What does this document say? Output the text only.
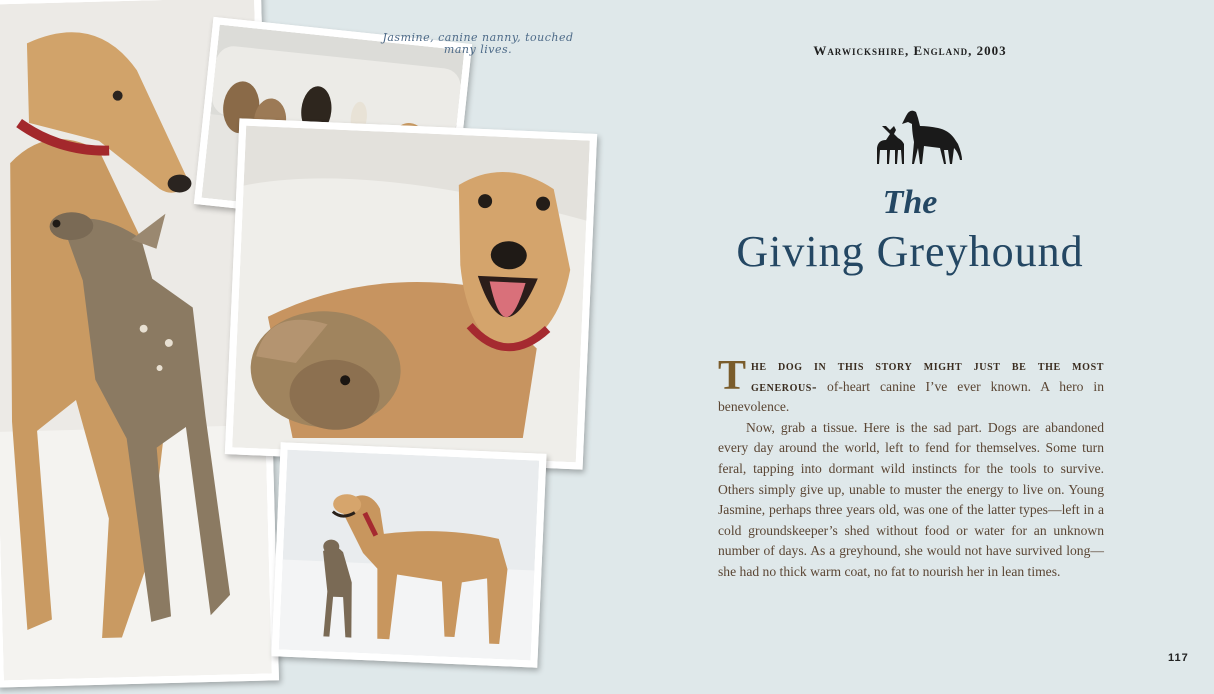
Jasmine, canine nanny, touched many lives.	Warwickshire, England, 2003
The
Giving Greyhound

The dog in this story might just be the most generous- of-heart canine I’ve ever known. A hero in benevolence.

Now, grab a tissue. Here is the sad part. Dogs are abandoned every day around the world, left to fend for themselves. Some turn feral, tapping into dormant wild instincts for the tools to survive. Others simply give up, unable to muster the energy to live on. Young Jasmine, perhaps three years old, was one of the latter types—left in a cold groundskeeper’s shed without food or water for an unknown number of days. As a greyhound, she would not have survived long—she had no thick warm coat, no fat to nourish her in lean times.

117
